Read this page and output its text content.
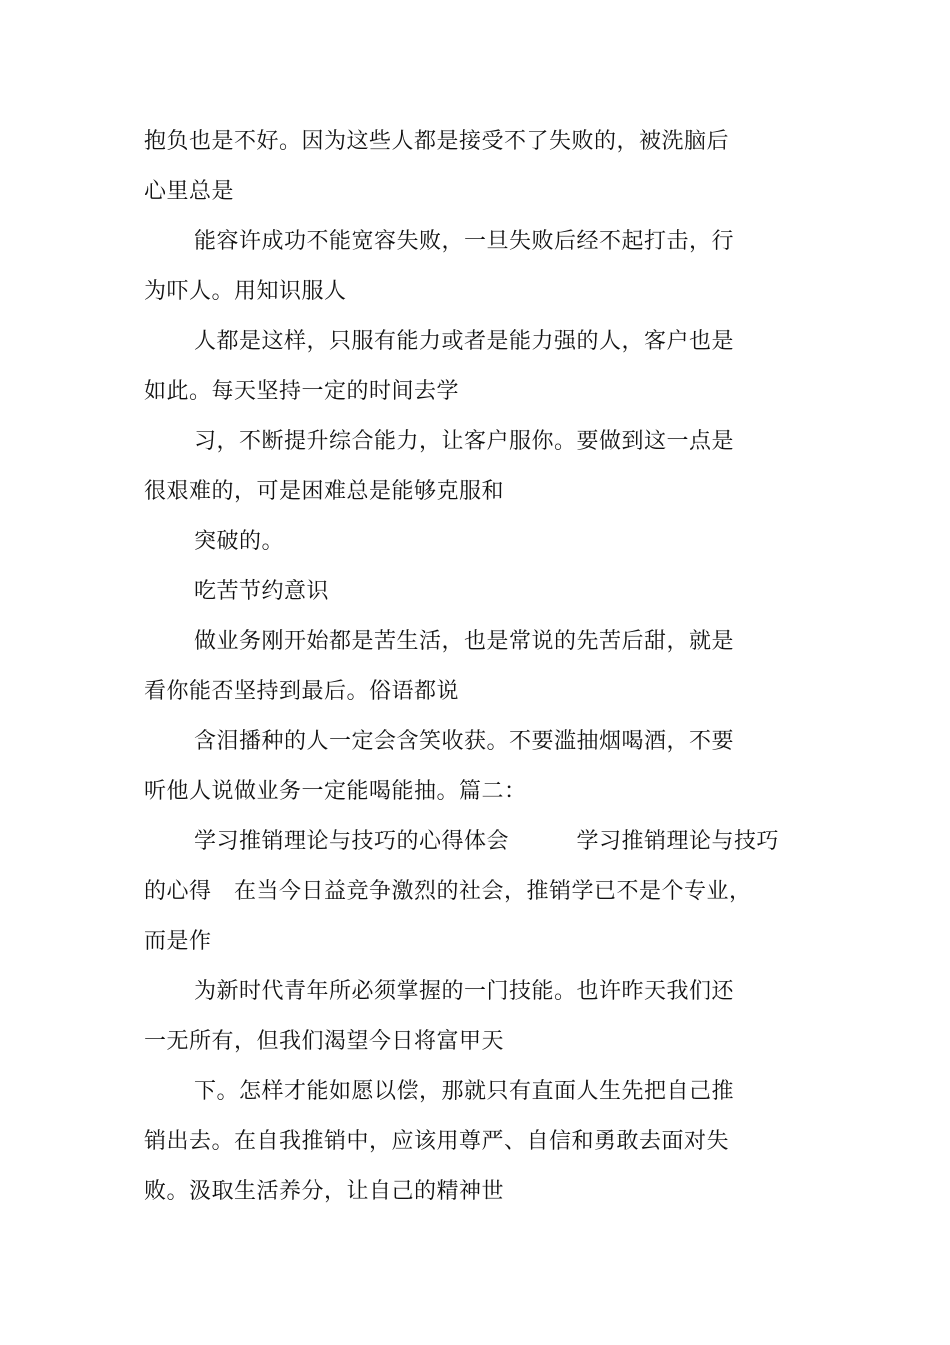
抱负也是不好。因为这些人都是接受不了失败的，被洗脑后
心里总是
能容许成功不能宽容失败，一旦失败后经不起打击，行
为吓人。用知识服人
人都是这样，只服有能力或者是能力强的人，客户也是
如此。每天坚持一定的时间去学
习，不断提升综合能力，让客户服你。要做到这一点是
很艰难的，可是困难总是能够克服和
突破的。
吃苦节约意识
做业务刚开始都是苦生活，也是常说的先苦后甜，就是
看你能否坚持到最后。俗语都说
含泪播种的人一定会含笑收获。不要滥抽烟喝酒，不要
听他人说做业务一定能喝能抽。篇二：
学习推销理论与技巧的心得体会　　　学习推销理论与技巧
的心得　在当今日益竞争激烈的社会，推销学已不是个专业，
而是作
为新时代青年所必须掌握的一门技能。也许昨天我们还
一无所有，但我们渴望今日将富甲天
下。怎样才能如愿以偿，那就只有直面人生先把自己推
销出去。在自我推销中，应该用尊严、自信和勇敢去面对失
败。汲取生活养分，让自己的精神世
